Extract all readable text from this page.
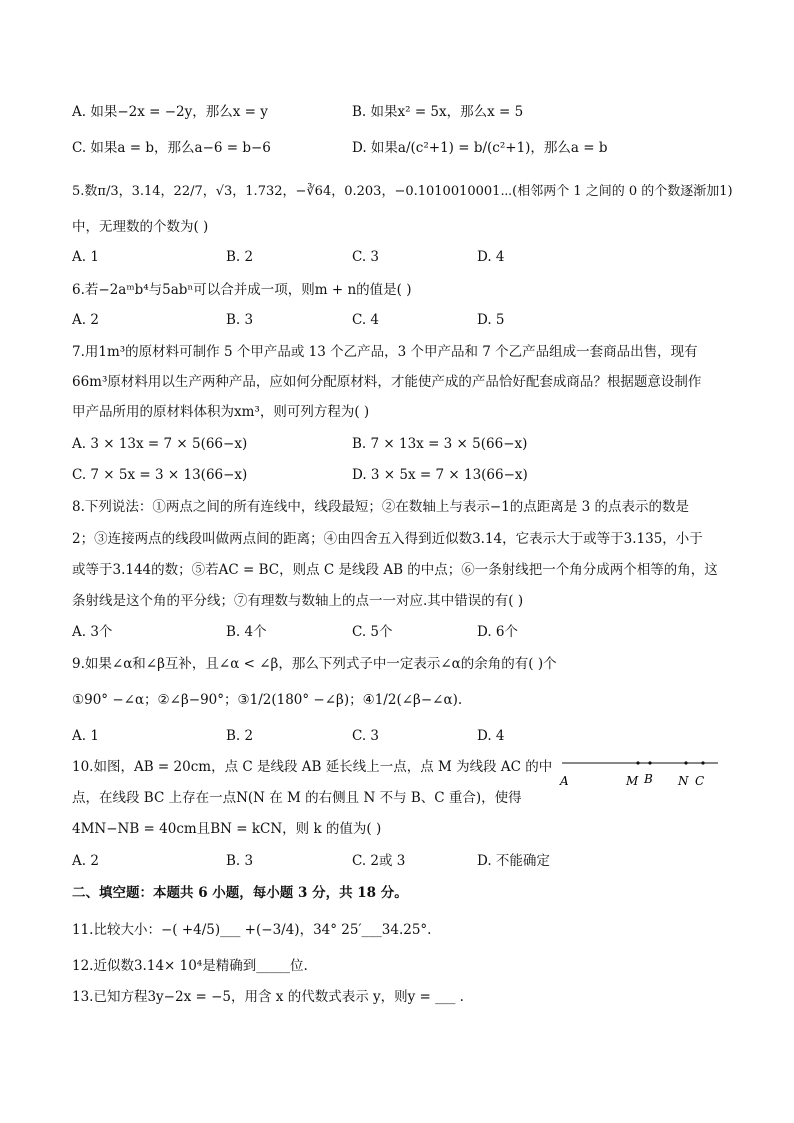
A. 如果−2x = −2y，那么x = y	B. 如果x² = 5x，那么x = 5
C. 如果a = b，那么a−6 = b−6	D. 如果a/(c²+1) = b/(c²+1)，那么a = b
5.数π/3，3.14，22/7，√3，1.732，−∛64，0.203，−0.1010010001⋯(相邻两个 1 之间的 0 的个数逐渐加1)
中，无理数的个数为( )
A. 1	B. 2	C. 3	D. 4
6.若−2aᵐb⁴与5abⁿ可以合并成一项，则m + n的值是( )
A. 2	B. 3	C. 4	D. 5
7.用1m³的原材料可制作 5 个甲产品或 13 个乙产品，3 个甲产品和 7 个乙产品组成一套商品出售，现有
66m³原材料用以生产两种产品，应如何分配原材料，才能使产成的产品恰好配套成商品？根据题意设制作
甲产品所用的原材料体积为xm³，则可列方程为( )
A. 3 × 13x = 7 × 5(66−x)	B. 7 × 13x = 3 × 5(66−x)
C. 7 × 5x = 3 × 13(66−x)	D. 3 × 5x = 7 × 13(66−x)
8.下列说法：①两点之间的所有连线中，线段最短；②在数轴上与表示−1的点距离是 3 的点表示的数是
2；③连接两点的线段叫做两点间的距离；④由四舍五入得到近似数3.14，它表示大于或等于3.135，小于
或等于3.144的数；⑤若AC = BC，则点 C 是线段 AB 的中点；⑥一条射线把一个角分成两个相等的角，这
条射线是这个角的平分线；⑦有理数与数轴上的点一一对应.其中错误的有( )
A. 3个	B. 4个	C. 5个	D. 6个
9.如果∠α和∠β互补，且∠α < ∠β，那么下列式子中一定表示∠α的余角的有( )个
①90° −∠α；②∠β−90°；③1/2(180° −∠β)；④1/2(∠β−∠α).
A. 1	B. 2	C. 3	D. 4
10.如图，AB = 20cm，点 C 是线段 AB 延长线上一点，点 M 为线段 AC 的中
点，在线段 BC 上存在一点N(N 在 M 的右侧且 N 不与 B、C 重合)，使得
4MN−NB = 40cm且BN = kCN，则 k 的值为( )
A. 2	B. 3	C. 2或 3	D. 不能确定
A	M B N C
二、填空题：本题共 6 小题，每小题 3 分，共 18 分。
11.比较大小：−( +4/5)___ +(−3/4)，34° 25′___34.25°.
12.近似数3.14× 10⁴是精确到_____位.
13.已知方程3y−2x = −5，用含 x 的代数式表示 y，则y = ___ .
